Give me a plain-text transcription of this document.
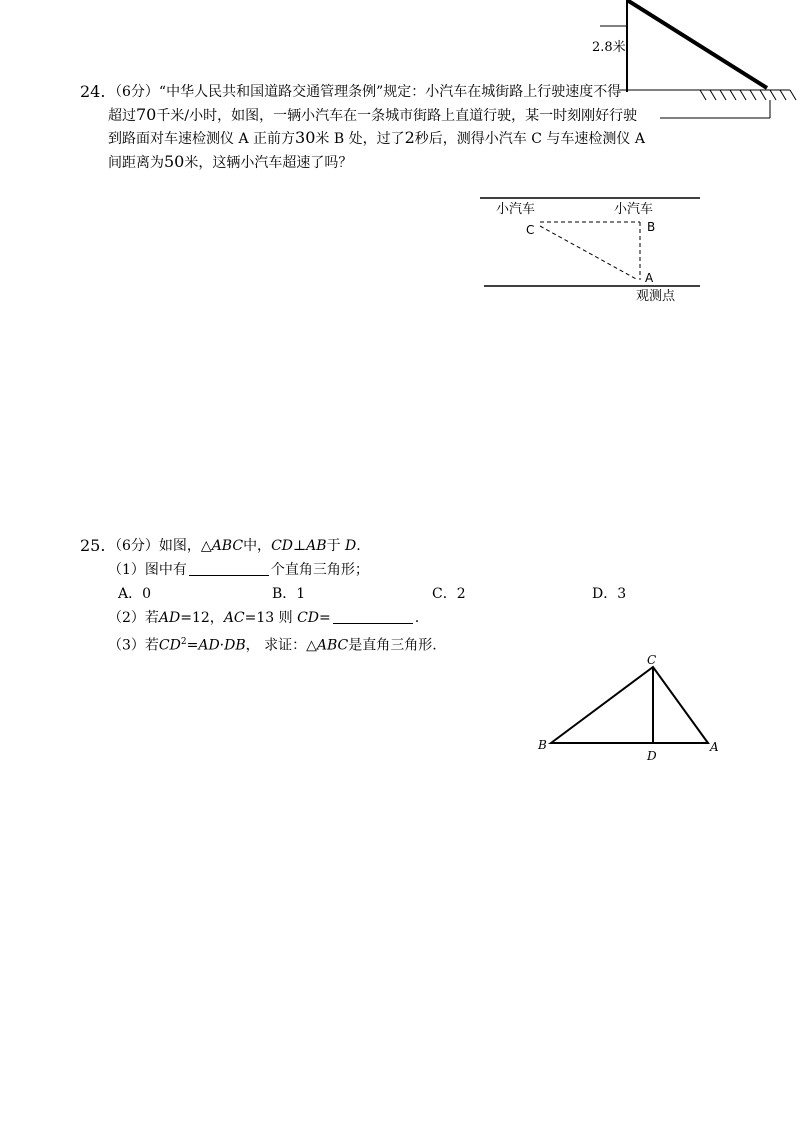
2.8米
24. （6分）“中华人民共和国道路交通管理条例”规定：小汽车在城街路上行驶速度不得
超过70千米/小时，如图，一辆小汽车在一条城市街路上直道行驶，某一时刻刚好行驶
到路面对车速检测仪 A 正前方30米 B 处，过了2秒后，测得小汽车 C 与车速检测仪 A
间距离为50米，这辆小汽车超速了吗？
小汽车	小汽车
C	B
A
观测点
25. （6分）如图，△ABC中，CD⊥AB于 D.
（1）图中有	个直角三角形；
A．0	B．1	C．2	D．3
（2）若AD=12，AC=13 则 CD=	.
（3）若$CD^2=AD\cdot DB$， 求证：△ABC是直角三角形.
C
B
D
A
